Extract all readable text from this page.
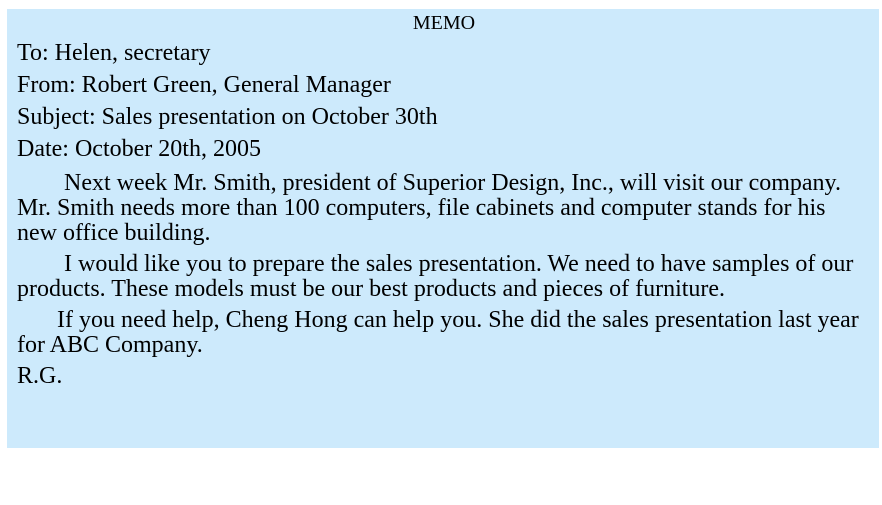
MEMO
To: Helen, secretary
From: Robert Green, General Manager
Subject: Sales presentation on October 30th
Date: October 20th, 2005
Next week Mr. Smith, president of Superior Design, Inc., will visit our company. Mr. Smith needs more than 100 computers, file cabinets and computer stands for his new office building.
I would like you to prepare the sales presentation. We need to have samples of our products. These models must be our best products and pieces of furniture.
If you need help, Cheng Hong can help you. She did the sales presentation last year for ABC Company.
R.G.
